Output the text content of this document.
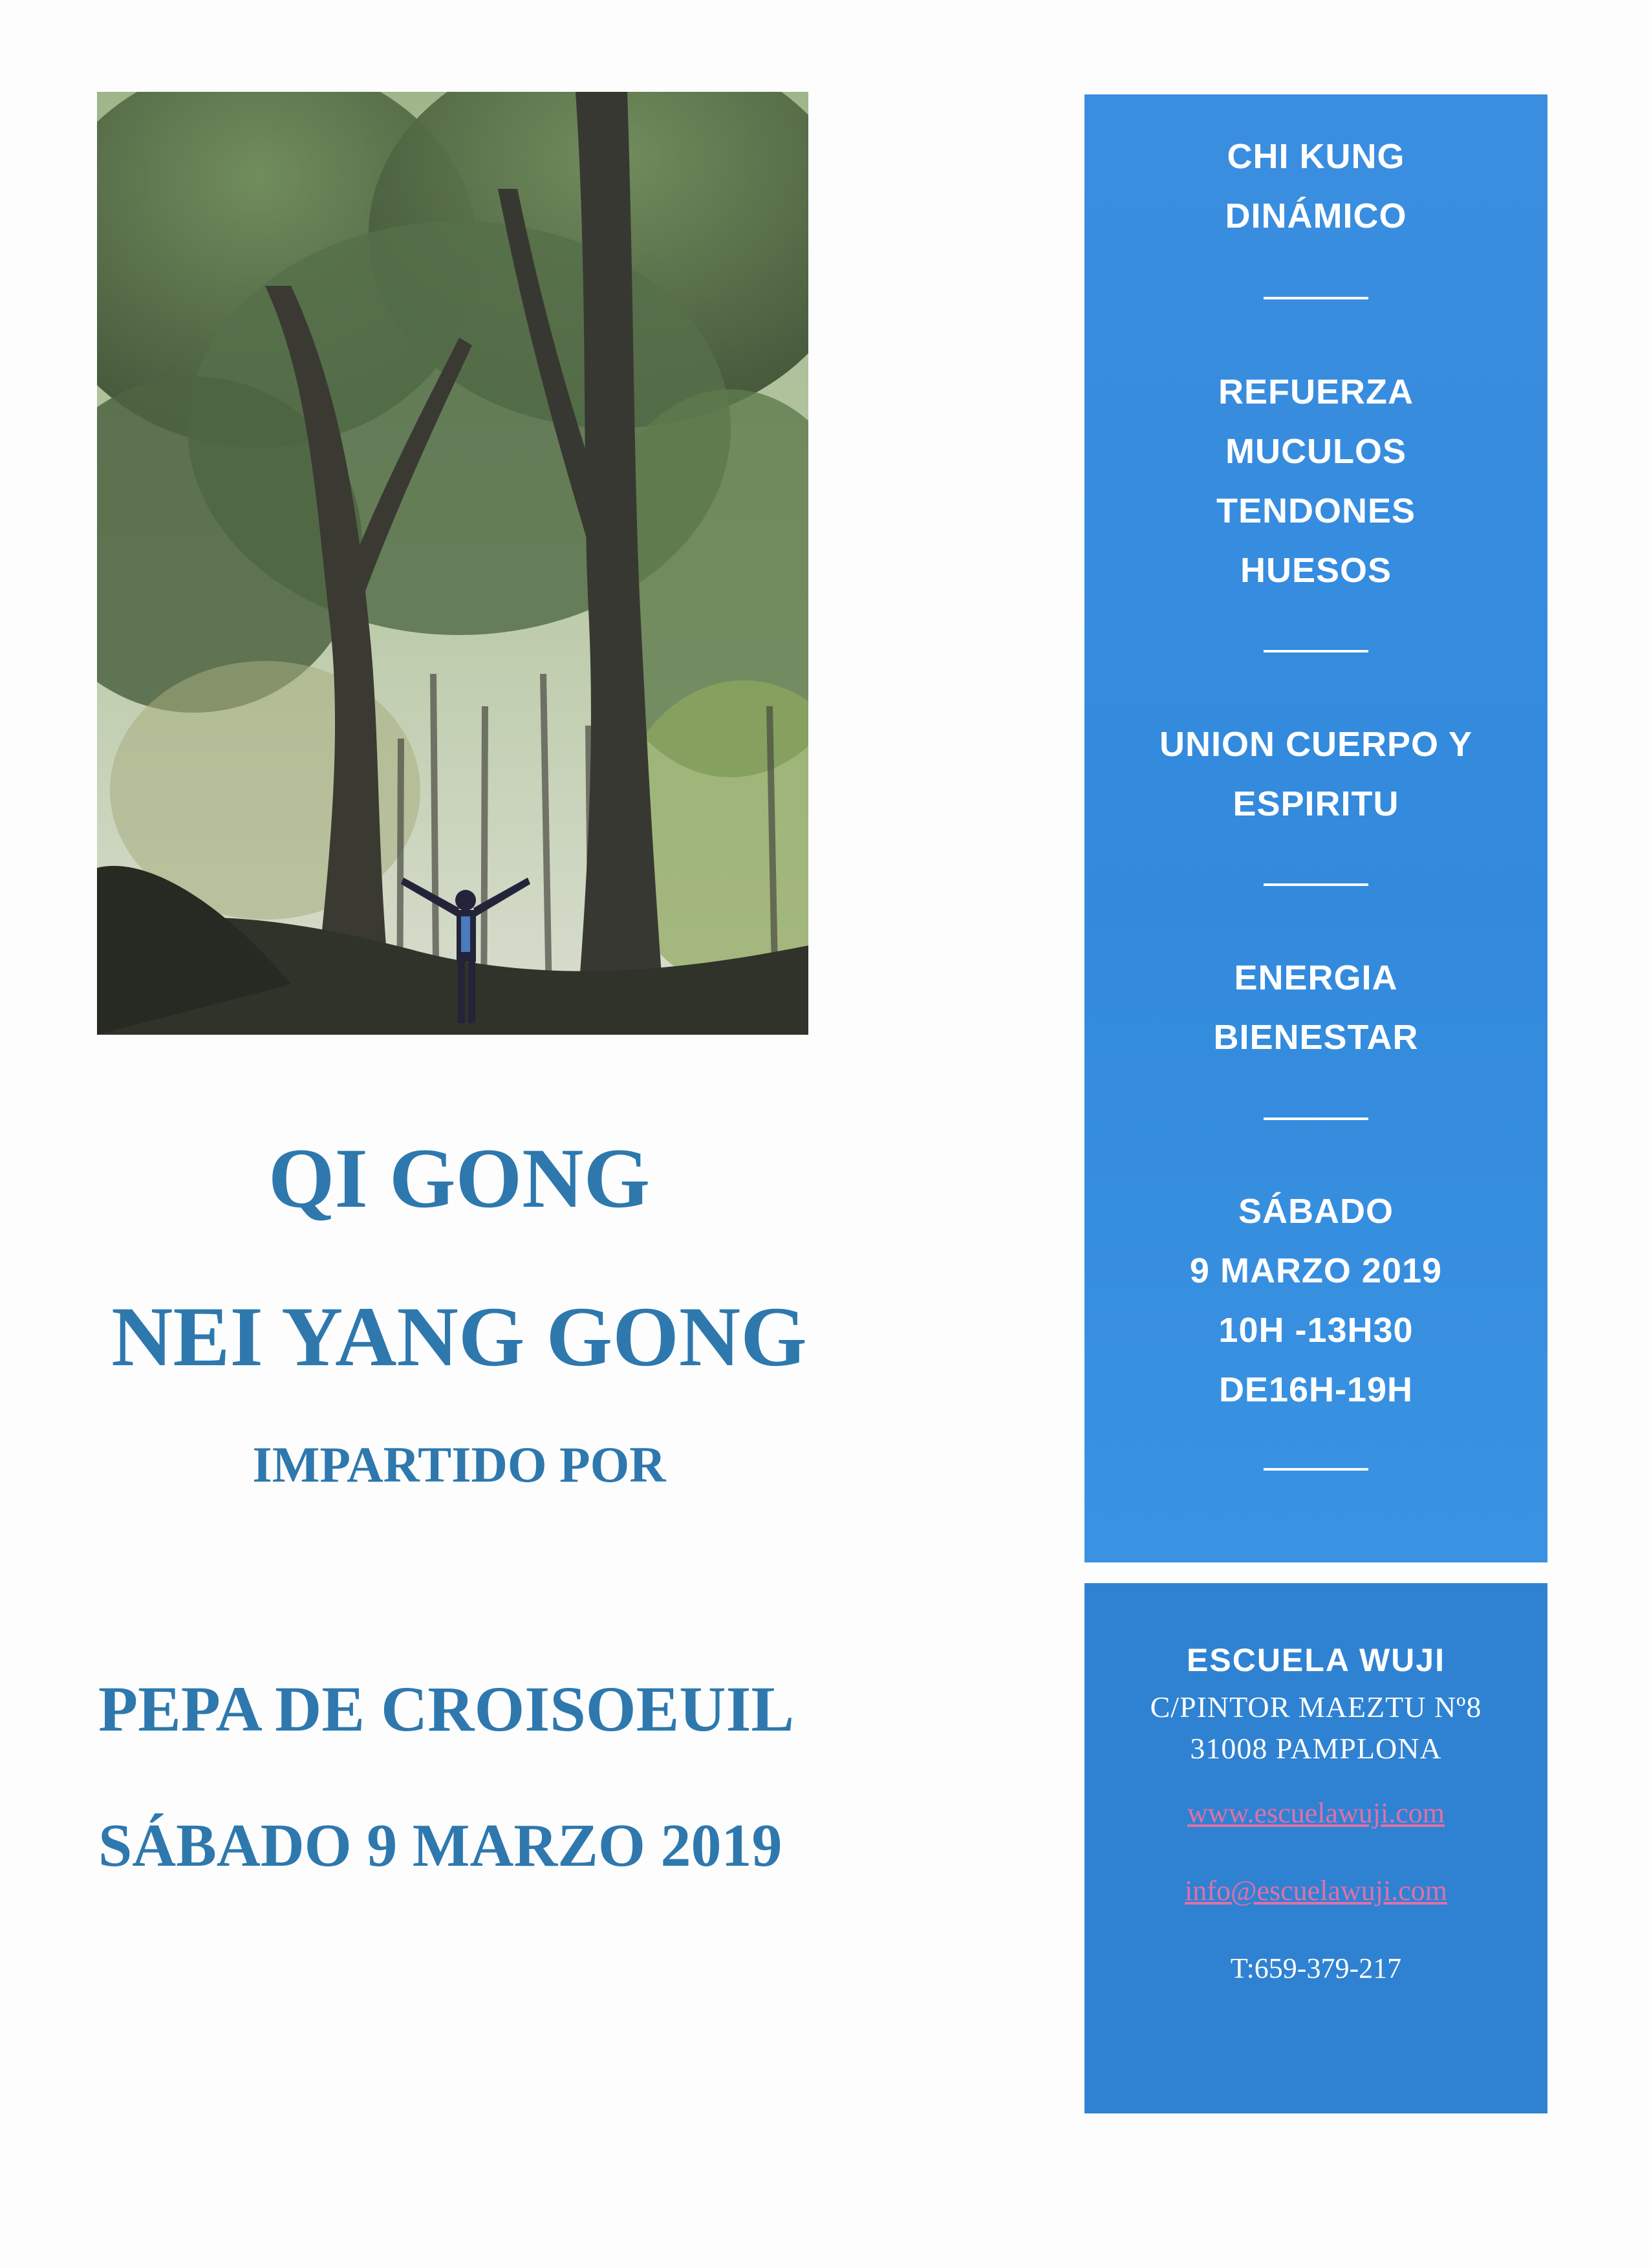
QI GONG
NEI YANG GONG
IMPARTIDO POR
PEPA DE CROISOEUIL
SÁBADO 9 MARZO 2019
CHI KUNG
DINÁMICO
REFUERZA
MUCULOS
TENDONES
HUESOS
UNION CUERPO Y
ESPIRITU
ENERGIA
BIENESTAR
SÁBADO
9 MARZO 2019
10H -13H30
DE16H-19H
ESCUELA WUJI
C/PINTOR MAEZTU Nº8
31008 PAMPLONA
www.escuelawuji.com
info@escuelawuji.com
T:659-379-217
